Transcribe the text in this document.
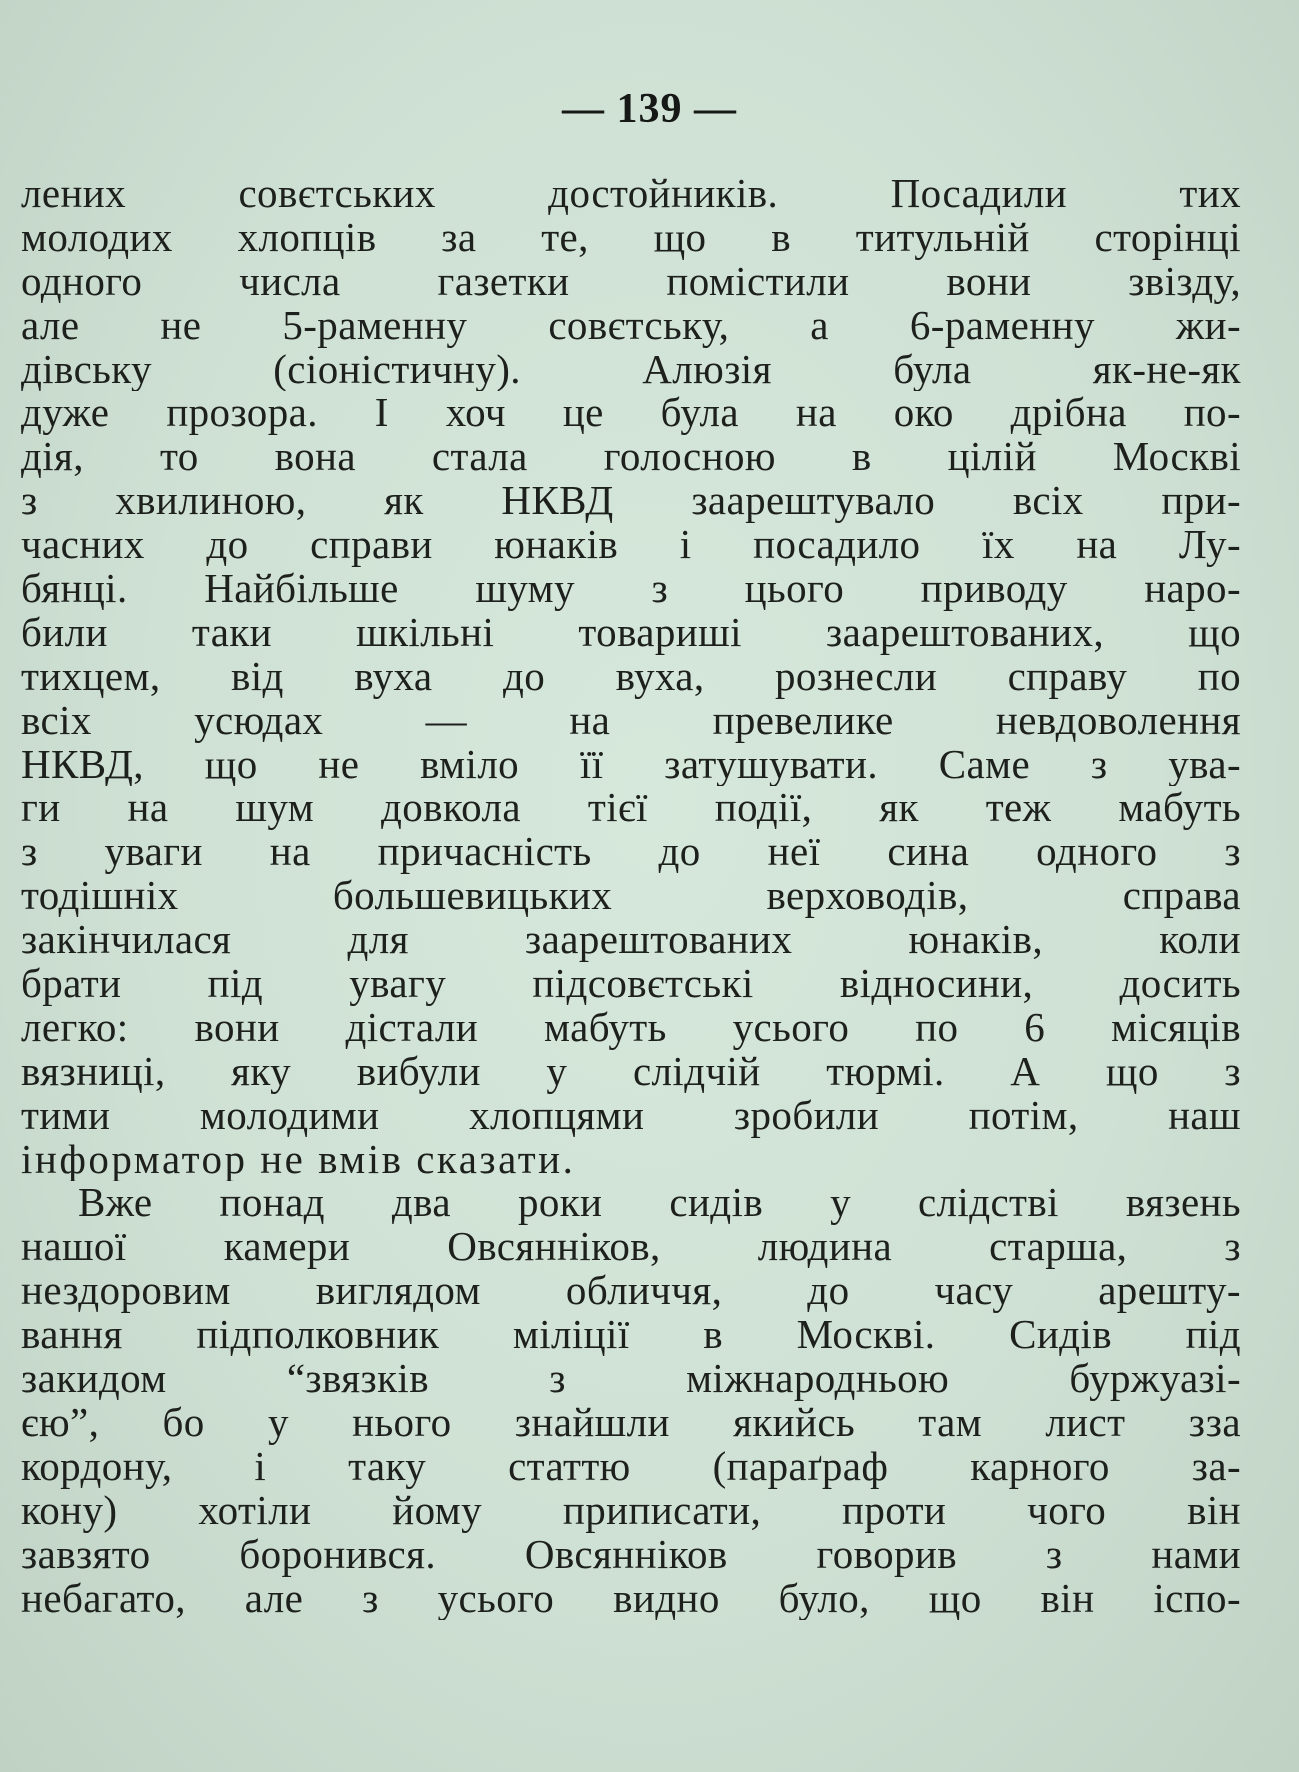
— 139 —
лених совєтських достойників. Посадили тих
молодих хлопців за те, що в титульній сторінці
одного числа газетки помістили вони звізду,
але не 5-раменну совєтську, а 6-раменну жи-
дівську (сіоністичну). Алюзія була як-не-як
дуже прозора. І хоч це була на око дрібна по-
дія, то вона стала голосною в цілій Москві
з хвилиною, як НКВД заарештувало всіх при-
часних до справи юнаків і посадило їх на Лу-
бянці. Найбільше шуму з цього приводу наро-
били таки шкільні товариші заарештованих, що
тихцем, від вуха до вуха, рознесли справу по
всіх усюдах — на превелике невдоволення
НКВД, що не вміло її затушувати. Саме з ува-
ги на шум довкола тієї події, як теж мабуть
з уваги на причасність до неї сина одного з
тодішніх большевицьких верховодів, справа
закінчилася для заарештованих юнаків, коли
брати під увагу підсовєтські відносини, досить
легко: вони дістали мабуть усього по 6 місяців
вязниці, яку вибули у слідчій тюрмі. А що з
тими молодими хлопцями зробили потім, наш
інформатор не вмів сказати.
Вже понад два роки сидів у слідстві вязень
нашої камери Овсянніков, людина старша, з
нездоровим виглядом обличчя, до часу арешту-
вання підполковник міліції в Москві. Сидів під
закидом “звязків з міжнародньою буржуазі-
єю”, бо у нього знайшли якийсь там лист зза
кордону, і таку статтю (параґраф карного за-
кону) хотіли йому приписати, проти чого він
завзято боронився. Овсянніков говорив з нами
небагато, але з усього видно було, що він іспо-
